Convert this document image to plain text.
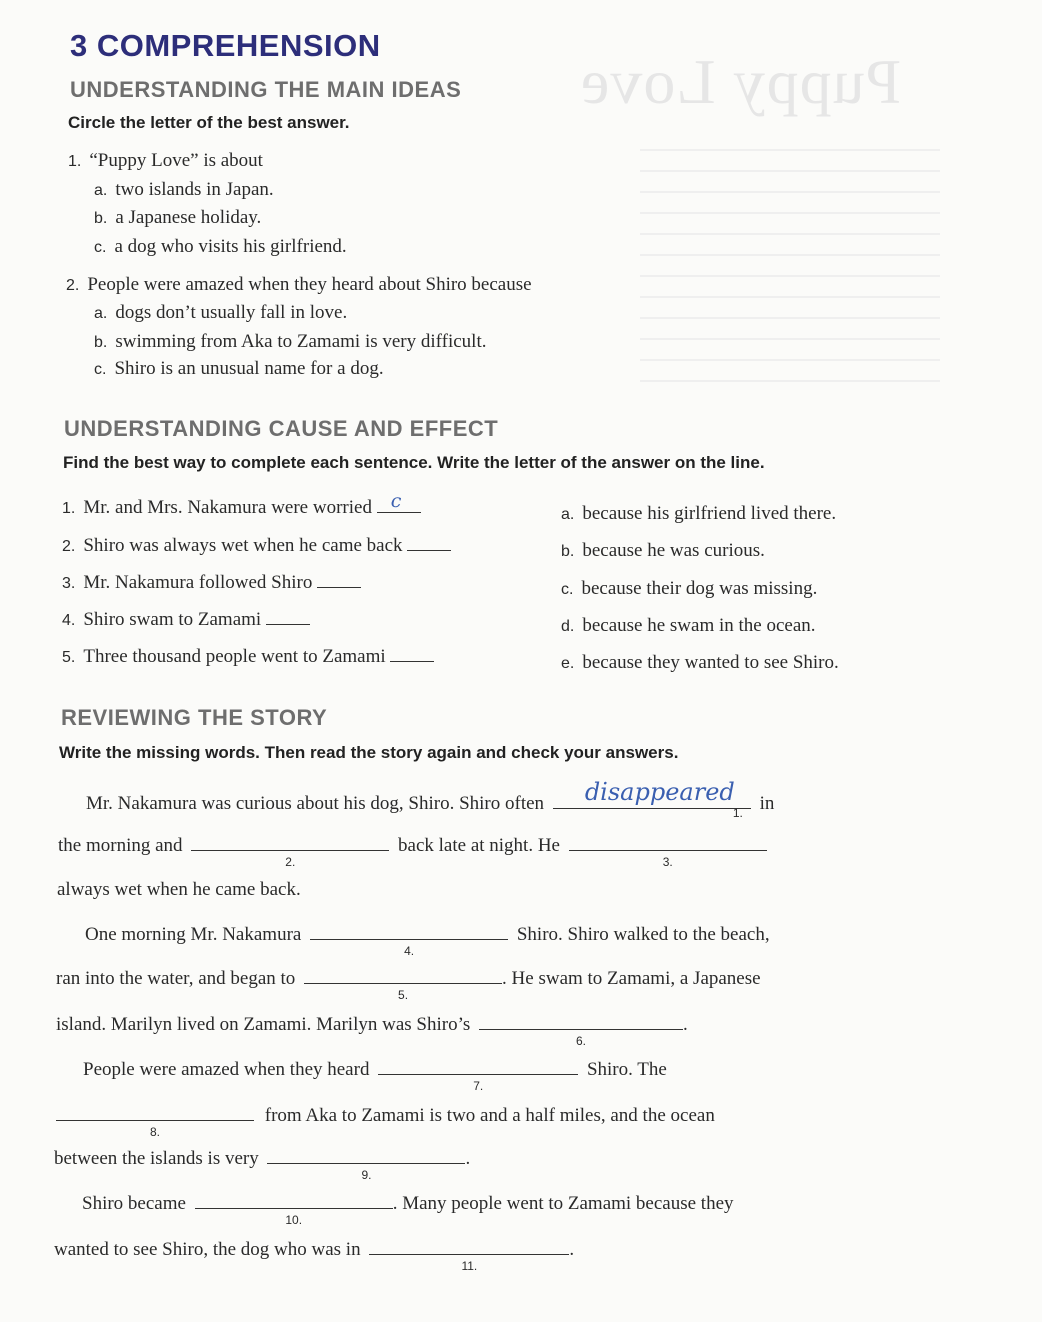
Puppy Love
3 COMPREHENSION
UNDERSTANDING THE MAIN IDEAS
Circle the letter of the best answer.
1. “Puppy Love” is about
a. two islands in Japan.
b. a Japanese holiday.
c. a dog who visits his girlfriend.
2. People were amazed when they heard about Shiro because
a. dogs don’t usually fall in love.
b. swimming from Aka to Zamami is very difficult.
c. Shiro is an unusual name for a dog.
UNDERSTANDING CAUSE AND EFFECT
Find the best way to complete each sentence. Write the letter of the answer on the line.
1. Mr. and Mrs. Nakamura were worried c
2. Shiro was always wet when he came back
3. Mr. Nakamura followed Shiro
4. Shiro swam to Zamami
5. Three thousand people went to Zamami
a. because his girlfriend lived there.
b. because he was curious.
c. because their dog was missing.
d. because he swam in the ocean.
e. because they wanted to see Shiro.
REVIEWING THE STORY
Write the missing words. Then read the story again and check your answers.
Mr. Nakamura was curious about his dog, Shiro. Shiro often disappeared
1. in
the morning and
2.
back late at night. He
3.
always wet when he came back.
One morning Mr. Nakamura
4.
Shiro. Shiro walked to the beach,
ran into the water, and began to
5.
. He swam to Zamami, a Japanese
island. Marilyn lived on Zamami. Marilyn was Shiro’s
6.
.
People were amazed when they heard
7.
Shiro. The
8.
from Aka to Zamami is two and a half miles, and the ocean
between the islands is very
9.
.
Shiro became
10.
. Many people went to Zamami because they
wanted to see Shiro, the dog who was in
11.
.
